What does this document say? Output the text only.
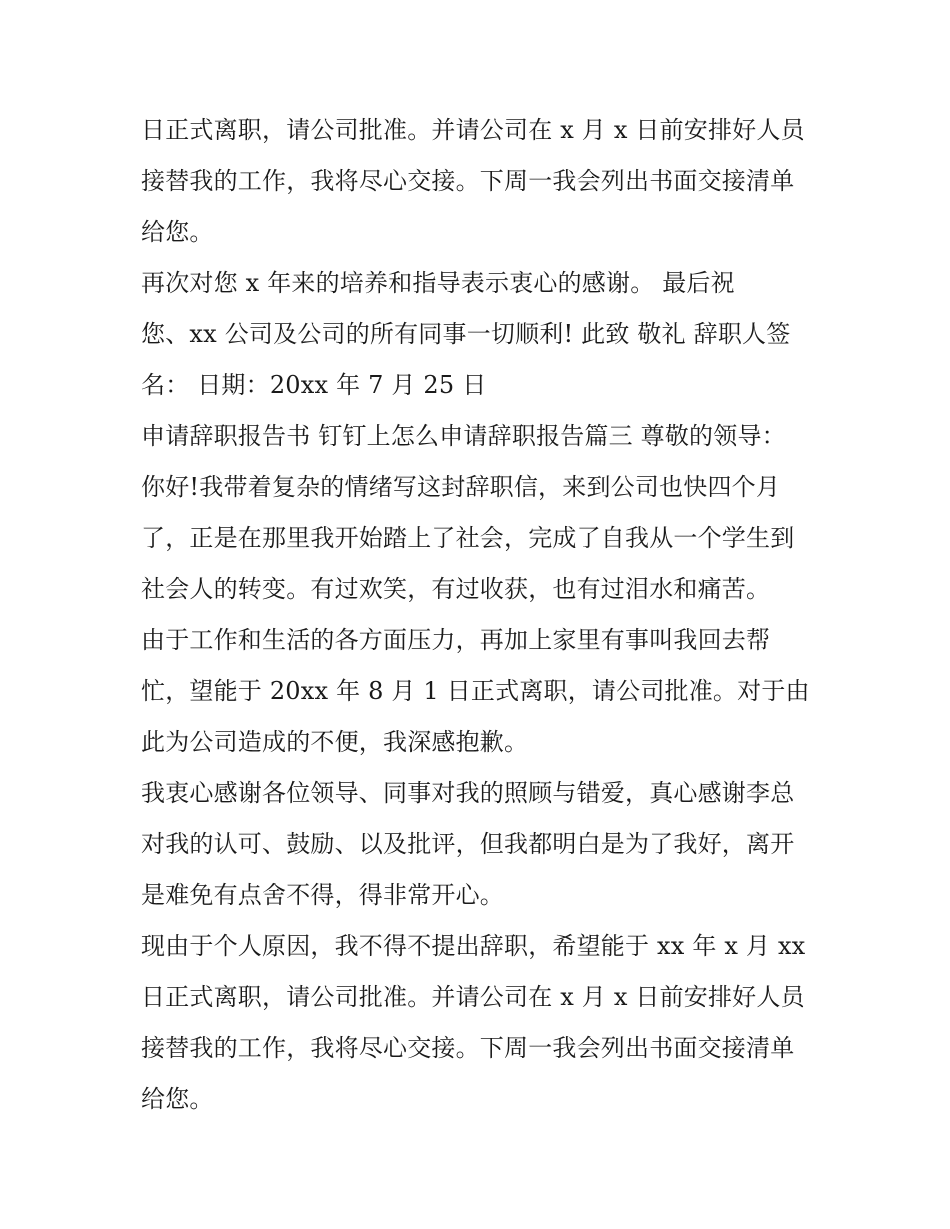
日正式离职，请公司批准。并请公司在 x 月 x 日前安排好人员
接替我的工作，我将尽心交接。下周一我会列出书面交接清单
给您。
再次对您 x 年来的培养和指导表示衷心的感谢。 最后祝
您、xx 公司及公司的所有同事一切顺利! 此致 敬礼 辞职人签
名： 日期：20xx 年 7 月 25 日
申请辞职报告书 钉钉上怎么申请辞职报告篇三 尊敬的领导：
你好!我带着复杂的情绪写这封辞职信，来到公司也快四个月
了，正是在那里我开始踏上了社会，完成了自我从一个学生到
社会人的转变。有过欢笑，有过收获，也有过泪水和痛苦。
由于工作和生活的各方面压力，再加上家里有事叫我回去帮
忙，望能于 20xx 年 8 月 1 日正式离职，请公司批准。对于由
此为公司造成的不便，我深感抱歉。
我衷心感谢各位领导、同事对我的照顾与错爱，真心感谢李总
对我的认可、鼓励、以及批评，但我都明白是为了我好，离开
是难免有点舍不得，得非常开心。
现由于个人原因，我不得不提出辞职，希望能于 xx 年 x 月 xx
日正式离职，请公司批准。并请公司在 x 月 x 日前安排好人员
接替我的工作，我将尽心交接。下周一我会列出书面交接清单
给您。
